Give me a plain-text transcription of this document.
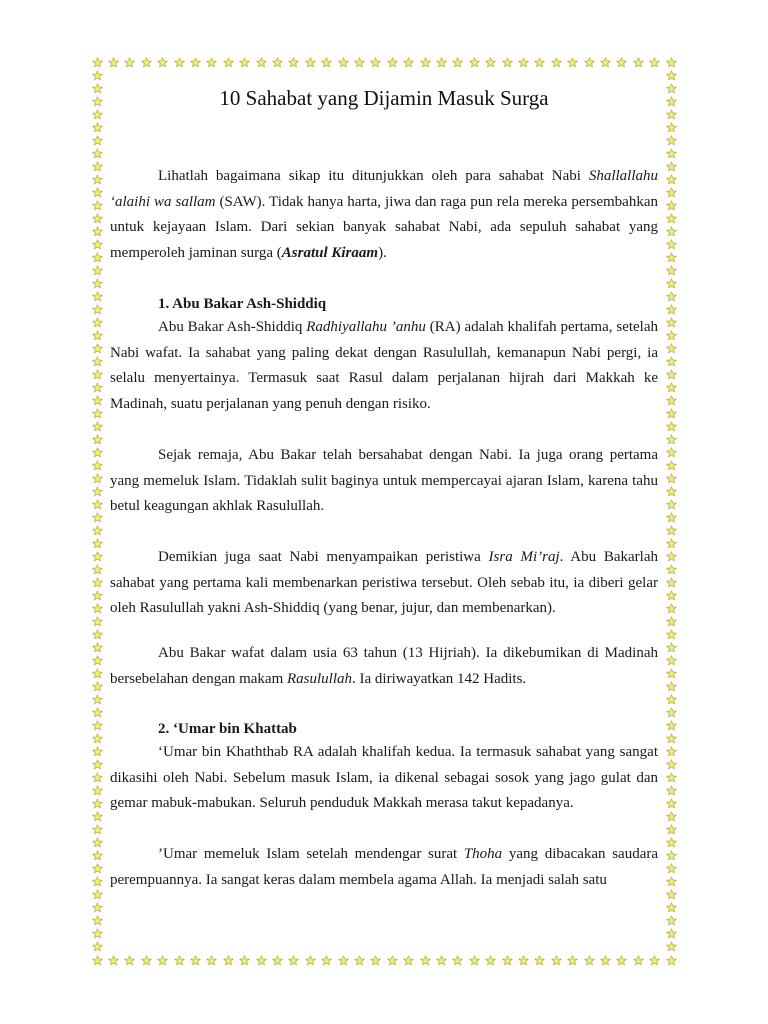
10 Sahabat yang Dijamin Masuk Surga

Lihatlah bagaimana sikap itu ditunjukkan oleh para sahabat Nabi Shallallahu ‘alaihi wa sallam (SAW). Tidak hanya harta, jiwa dan raga pun rela mereka persembahkan untuk kejayaan Islam. Dari sekian banyak sahabat Nabi, ada sepuluh sahabat yang memperoleh jaminan surga (Asratul Kiraam).

1. Abu Bakar Ash-Shiddiq

Abu Bakar Ash-Shiddiq Radhiyallahu ’anhu (RA) adalah khalifah pertama, setelah Nabi wafat. Ia sahabat yang paling dekat dengan Rasulullah, kemanapun Nabi pergi, ia selalu menyertainya. Termasuk saat Rasul dalam perjalanan hijrah dari Makkah ke Madinah, suatu perjalanan yang penuh dengan risiko.

Sejak remaja, Abu Bakar telah bersahabat dengan Nabi. Ia juga orang pertama yang memeluk Islam. Tidaklah sulit baginya untuk mempercayai ajaran Islam, karena tahu betul keagungan akhlak Rasulullah.

Demikian juga saat Nabi menyampaikan peristiwa Isra Mi’raj. Abu Bakarlah sahabat yang pertama kali membenarkan peristiwa tersebut. Oleh sebab itu, ia diberi gelar oleh Rasulullah yakni Ash-Shiddiq (yang benar, jujur, dan membenarkan).

Abu Bakar wafat dalam usia 63 tahun (13 Hijriah). Ia dikebumikan di Madinah bersebelahan dengan makam Rasulullah. Ia diriwayatkan 142 Hadits.

2. ‘Umar bin Khattab

‘Umar bin Khaththab RA adalah khalifah kedua. Ia termasuk sahabat yang sangat dikasihi oleh Nabi. Sebelum masuk Islam, ia dikenal sebagai sosok yang jago gulat dan gemar mabuk-mabukan. Seluruh penduduk Makkah merasa takut kepadanya.

’Umar memeluk Islam setelah mendengar surat Thoha yang dibacakan saudara perempuannya. Ia sangat keras dalam membela agama Allah. Ia menjadi salah satu
